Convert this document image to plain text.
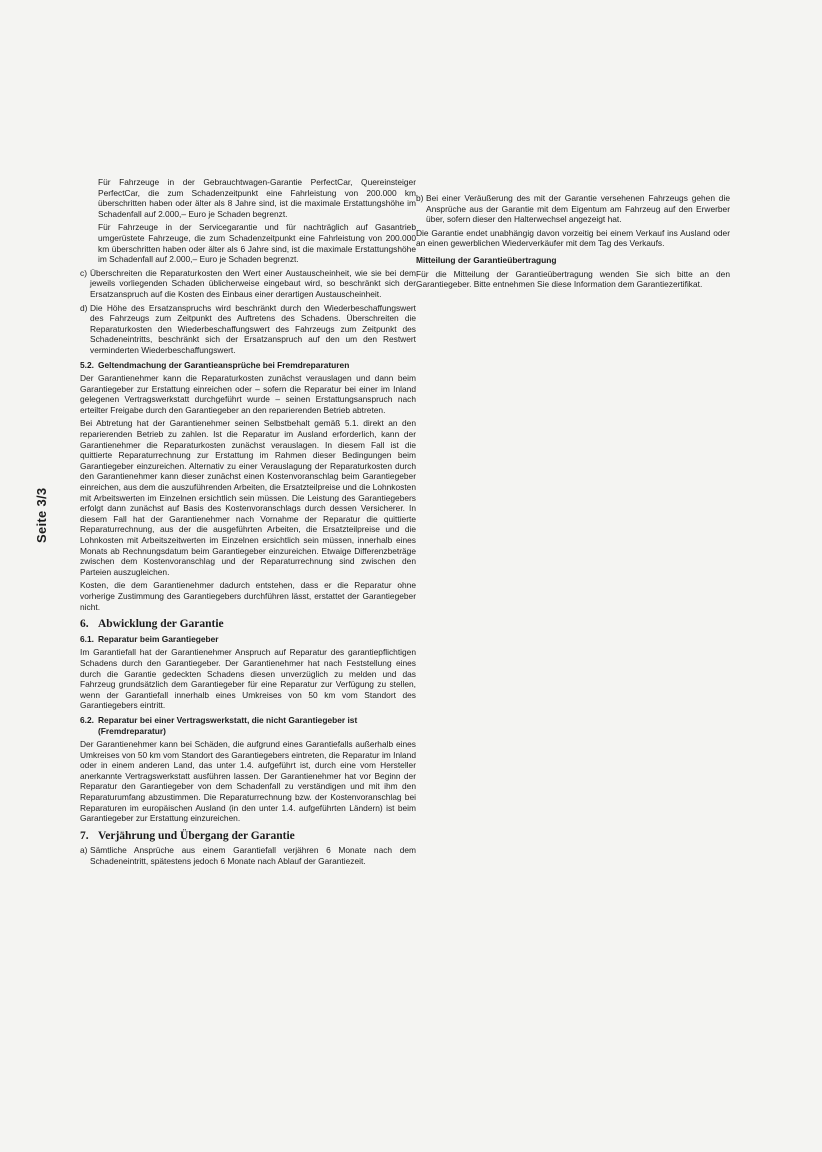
Seite 3/3

Für Fahrzeuge in der Gebrauchtwagen-Garantie PerfectCar, Quereinsteiger PerfectCar, die zum Schadenzeitpunkt eine Fahrleistung von 200.000 km überschritten haben oder älter als 8 Jahre sind, ist die maximale Erstattungshöhe im Schadenfall auf 2.000,– Euro je Schaden begrenzt.

Für Fahrzeuge in der Servicegarantie und für nachträglich auf Gasantrieb umgerüstete Fahrzeuge, die zum Schadenzeitpunkt eine Fahrleistung von 200.000 km überschritten haben oder älter als 6 Jahre sind, ist die maximale Erstattungshöhe im Schadenfall auf 2.000,– Euro je Schaden begrenzt.

c) Überschreiten die Reparaturkosten den Wert einer Austauscheinheit, wie sie bei dem jeweils vorliegenden Schaden üblicherweise eingebaut wird, so beschränkt sich der Ersatzanspruch auf die Kosten des Einbaus einer derartigen Austauscheinheit.
d) Die Höhe des Ersatzanspruchs wird beschränkt durch den Wiederbeschaffungswert des Fahrzeugs zum Zeitpunkt des Auftretens des Schadens. Überschreiten die Reparaturkosten den Wiederbeschaffungswert des Fahrzeugs zum Zeitpunkt des Schadeneintritts, beschränkt sich der Ersatzanspruch auf den um den Restwert verminderten Wiederbeschaffungswert.
5.2. Geltendmachung der Garantieansprüche bei Fremdreparaturen

Der Garantienehmer kann die Reparaturkosten zunächst verauslagen und dann beim Garantiegeber zur Erstattung einreichen oder – sofern die Reparatur bei einer im Inland gelegenen Vertragswerkstatt durchgeführt wurde – seinen Erstattungsanspruch nach erteilter Freigabe durch den Garantiegeber an den reparierenden Betrieb abtreten.

Bei Abtretung hat der Garantienehmer seinen Selbstbehalt gemäß 5.1. direkt an den reparierenden Betrieb zu zahlen. Ist die Reparatur im Ausland erforderlich, kann der Garantienehmer die Reparaturkosten zunächst verauslagen. In diesem Fall ist die quittierte Reparaturrechnung zur Erstattung im Rahmen dieser Bedingungen beim Garantiegeber einzureichen. Alternativ zu einer Verauslagung der Reparaturkosten durch den Garantienehmer kann dieser zunächst einen Kostenvoranschlag beim Garantiegeber einreichen, aus dem die auszuführenden Arbeiten, die Ersatzteilpreise und die Lohnkosten mit Arbeitswerten im Einzelnen ersichtlich sein müssen. Die Leistung des Garantiegebers erfolgt dann zunächst auf Basis des Kostenvoranschlags durch dessen Versicherer. In diesem Fall hat der Garantienehmer nach Vornahme der Reparatur die quittierte Reparaturrechnung, aus der die ausgeführten Arbeiten, die Ersatzteilpreise und die Lohnkosten mit Arbeitszeitwerten im Einzelnen ersichtlich sein müssen, innerhalb eines Monats ab Rechnungsdatum beim Garantiegeber einzureichen. Etwaige Differenzbeträge zwischen dem Kostenvoranschlag und der Reparaturrechnung sind zwischen den Parteien auszugleichen.

Kosten, die dem Garantienehmer dadurch entstehen, dass er die Reparatur ohne vorherige Zustimmung des Garantiegebers durchführen lässt, erstattet der Garantiegeber nicht.

6. Abwicklung der Garantie
6.1. Reparatur beim Garantiegeber

Im Garantiefall hat der Garantienehmer Anspruch auf Reparatur des garantiepflichtigen Schadens durch den Garantiegeber. Der Garantienehmer hat nach Feststellung eines durch die Garantie gedeckten Schadens diesen unverzüglich zu melden und das Fahrzeug grundsätzlich dem Garantiegeber für eine Reparatur zur Verfügung zu stellen, wenn der Garantiefall innerhalb eines Umkreises von 50 km vom Standort des Garantiegebers eintritt.

6.2. Reparatur bei einer Vertragswerkstatt, die nicht Garantiegeber ist (Fremdreparatur)

Der Garantienehmer kann bei Schäden, die aufgrund eines Garantiefalls außerhalb eines Umkreises von 50 km vom Standort des Garantiegebers eintreten, die Reparatur im Inland oder in einem anderen Land, das unter 1.4. aufgeführt ist, durch eine vom Hersteller anerkannte Vertragswerkstatt ausführen lassen. Der Garantienehmer hat vor Beginn der Reparatur den Garantiegeber von dem Schadenfall zu verständigen und mit ihm den Reparaturumfang abzustimmen. Die Reparaturrechnung bzw. der Kostenvoranschlag bei Reparaturen im europäischen Ausland (in den unter 1.4. aufgeführten Ländern) ist beim Garantiegeber zur Erstattung einzureichen.

7. Verjährung und Übergang der Garantie
a) Sämtliche Ansprüche aus einem Garantiefall verjähren 6 Monate nach dem Schadeneintritt, spätestens jedoch 6 Monate nach Ablauf der Garantiezeit.
b) Bei einer Veräußerung des mit der Garantie versehenen Fahrzeugs gehen die Ansprüche aus der Garantie mit dem Eigentum am Fahrzeug auf den Erwerber über, sofern dieser den Halterwechsel angezeigt hat.

Die Garantie endet unabhängig davon vorzeitig bei einem Verkauf ins Ausland oder an einen gewerblichen Wiederverkäufer mit dem Tag des Verkaufs.

Mitteilung der Garantieübertragung

Für die Mitteilung der Garantieübertragung wenden Sie sich bitte an den Garantiegeber. Bitte entnehmen Sie diese Information dem Garantiezertifikat.
